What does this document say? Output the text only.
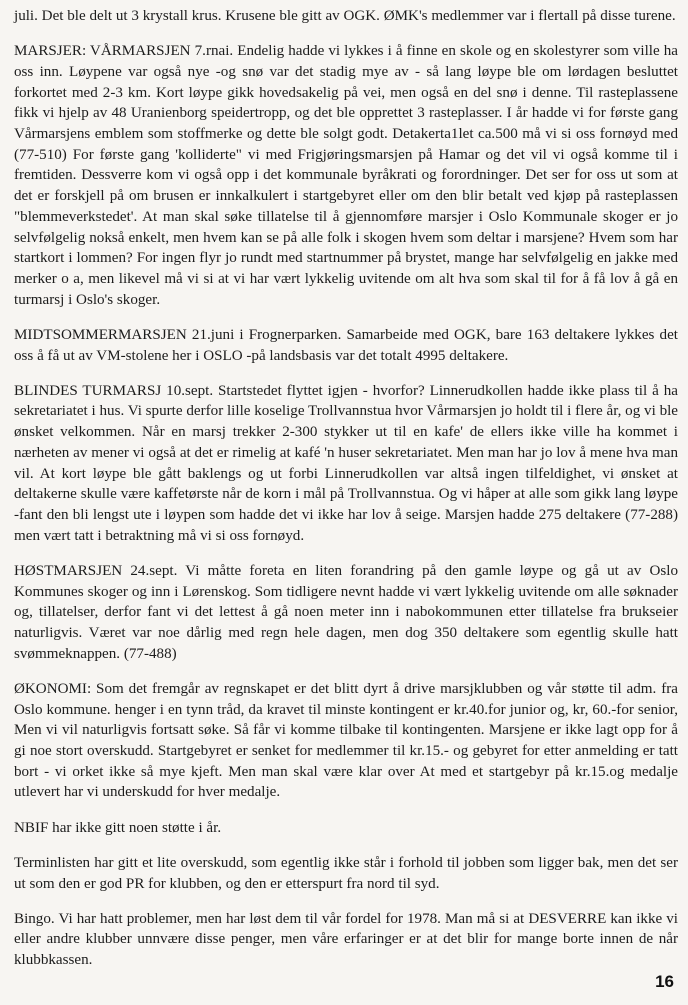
juli. Det ble delt ut 3 krystall krus. Krusene ble gitt av OGK. ØMK's medlemmer var i flertall på disse turene.

MARSJER: VÅRMARSJEN 7.rnai. Endelig hadde vi lykkes i å finne en skole og en skolestyrer som ville ha oss inn. Løypene var også nye -og snø var det stadig mye av - så lang løype ble om lørdagen besluttet forkortet med 2-3 km. Kort løype gikk hovedsakelig på vei, men også en del snø i denne. Til rasteplassene fikk vi hjelp av 48 Uranienborg speidertropp, og det ble opprettet 3 rasteplasser. I år hadde vi for første gang Vårmarsjens emblem som stoffmerke og dette ble solgt godt. Detakerta1let ca.500 må vi si oss fornøyd med (77-510) For første gang 'kolliderte" vi med Frigjøringsmarsjen på Hamar og det vil vi også komme til i fremtiden. Dessverre kom vi også opp i det kommunale byråkrati og forordninger. Det ser for oss ut som at det er forskjell på om brusen er innkalkulert i startgebyret eller om den blir betalt ved kjøp på rasteplassen "blemmeverkstedet'. At man skal søke tillatelse til å gjennomføre marsjer i Oslo Kommunale skoger er jo selvfølgelig nokså enkelt, men hvem kan se på alle folk i skogen hvem som deltar i marsjene? Hvem som har startkort i lommen? For ingen flyr jo rundt med startnummer på brystet, mange har selvfølgelig en jakke med merker o a, men likevel må vi si at vi har vært lykkelig uvitende om alt hva som skal til for å få lov å gå en turmarsj i Oslo's skoger.

MIDTSOMMERMARSJEN 21.juni i Frognerparken. Samarbeide med OGK, bare 163 deltakere lykkes det oss å få ut av VM-stolene her i OSLO -på landsbasis var det totalt 4995 deltakere.

BLINDES TURMARSJ 10.sept. Startstedet flyttet igjen - hvorfor? Linnerudkollen hadde ikke plass til å ha sekretariatet i hus. Vi spurte derfor lille koselige Trollvannstua hvor Vårmarsjen jo holdt til i flere år, og vi ble ønsket velkommen. Når en marsj trekker 2-300 stykker ut til en kafe' de ellers ikke ville ha kommet i nærheten av mener vi også at det er rimelig at kafé 'n huser sekretariatet. Men man har jo lov å mene hva man vil. At kort løype ble gått baklengs og ut forbi Linnerudkollen var altså ingen tilfeldighet, vi ønsket at deltakerne skulle være kaffetørste når de korn i mål på Trollvannstua. Og vi håper at alle som gikk lang løype -fant den bli lengst ute i løypen som hadde det vi ikke har lov å seige. Marsjen hadde 275 deltakere (77-288) men vært tatt i betraktning må vi si oss fornøyd.

HØSTMARSJEN 24.sept. Vi måtte foreta en liten forandring på den gamle løype og gå ut av Oslo Kommunes skoger og inn i Lørenskog. Som tidligere nevnt hadde vi vært lykkelig uvitende om alle søknader og, tillatelser, derfor fant vi det lettest å gå noen meter inn i nabokommunen etter tillatelse fra brukseier naturligvis. Været var noe dårlig med regn hele dagen, men dog 350 deltakere som egentlig skulle hatt svømmeknappen. (77-488)

ØKONOMI: Som det fremgår av regnskapet er det blitt dyrt å drive marsjklubben og vår støtte til adm. fra Oslo kommune. henger i en tynn tråd, da kravet til minste kontingent er kr.40.for junior og, kr, 60.-for senior, Men vi vil naturligvis fortsatt søke. Så får vi komme tilbake til kontingenten. Marsjene er ikke lagt opp for å gi noe stort overskudd. Startgebyret er senket for medlemmer til kr.15.- og gebyret for etter anmelding er tatt bort - vi orket ikke så mye kjeft. Men man skal være klar over At med et startgebyr på kr.15.og medalje utlevert har vi underskudd for hver medalje.

NBIF har ikke gitt noen støtte i år.

Terminlisten har gitt et lite overskudd, som egentlig ikke står i forhold til jobben som ligger bak, men det ser ut som den er god PR for klubben, og den er etterspurt fra nord til syd.

Bingo. Vi har hatt problemer, men har løst dem til vår fordel for 1978. Man må si at DESVERRE kan ikke vi eller andre klubber unnvære disse penger, men våre erfaringer er at det blir for mange borte innen de når klubbkassen.

16
